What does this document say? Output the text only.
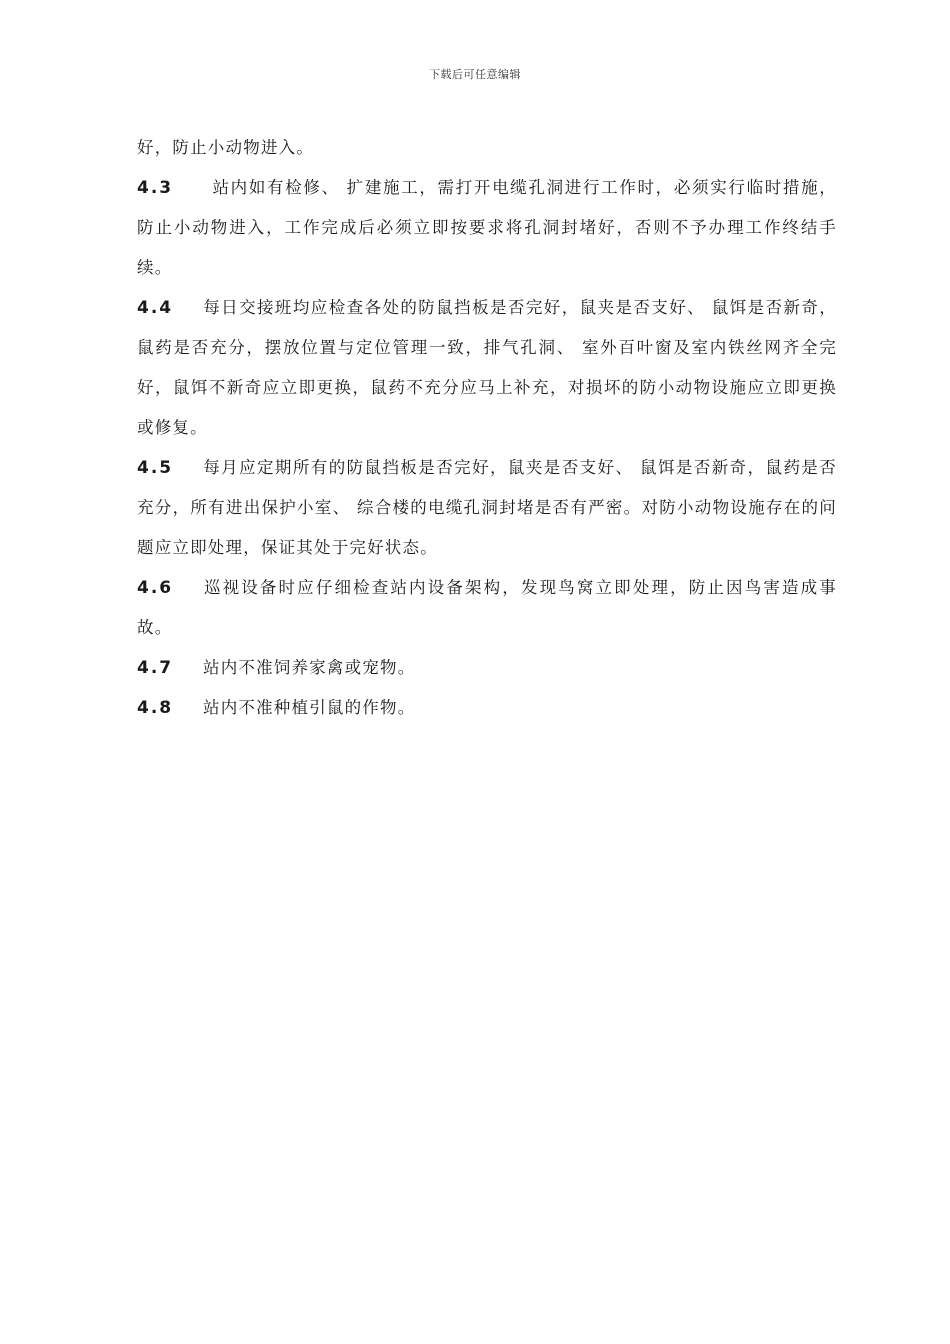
下载后可任意编辑

好，防止小动物进入。

4.3 站内如有检修、 扩建施工，需打开电缆孔洞进行工作时，必须实行临时措施，防止小动物进入，工作完成后必须立即按要求将孔洞封堵好，否则不予办理工作终结手续。

4.4 每日交接班均应检查各处的防鼠挡板是否完好，鼠夹是否支好、 鼠饵是否新奇，鼠药是否充分，摆放位置与定位管理一致，排气孔洞、 室外百叶窗及室内铁丝网齐全完好，鼠饵不新奇应立即更换，鼠药不充分应马上补充，对损坏的防小动物设施应立即更换或修复。

4.5 每月应定期所有的防鼠挡板是否完好，鼠夹是否支好、 鼠饵是否新奇，鼠药是否充分，所有进出保护小室、 综合楼的电缆孔洞封堵是否有严密。对防小动物设施存在的问题应立即处理，保证其处于完好状态。

4.6 巡视设备时应仔细检查站内设备架构，发现鸟窝立即处理，防止因鸟害造成事故。

4.7 站内不准饲养家禽或宠物。

4.8 站内不准种植引鼠的作物。
